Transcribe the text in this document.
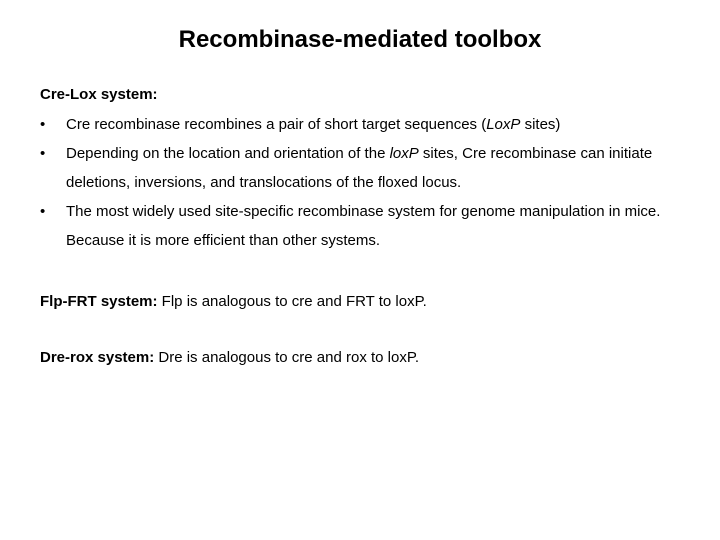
Recombinase-mediated toolbox
Cre-Lox system:
•	Cre recombinase recombines a pair of short target sequences (LoxP sites)
•	Depending on the location and orientation of the loxP sites, Cre recombinase can initiate deletions, inversions, and translocations of the floxed locus.
•	The most widely used site-specific recombinase system for genome manipulation in mice. Because it is more efficient than other systems.
Flp-FRT system: Flp is analogous to cre and FRT to loxP.
Dre-rox system: Dre is analogous to cre and rox to loxP.
